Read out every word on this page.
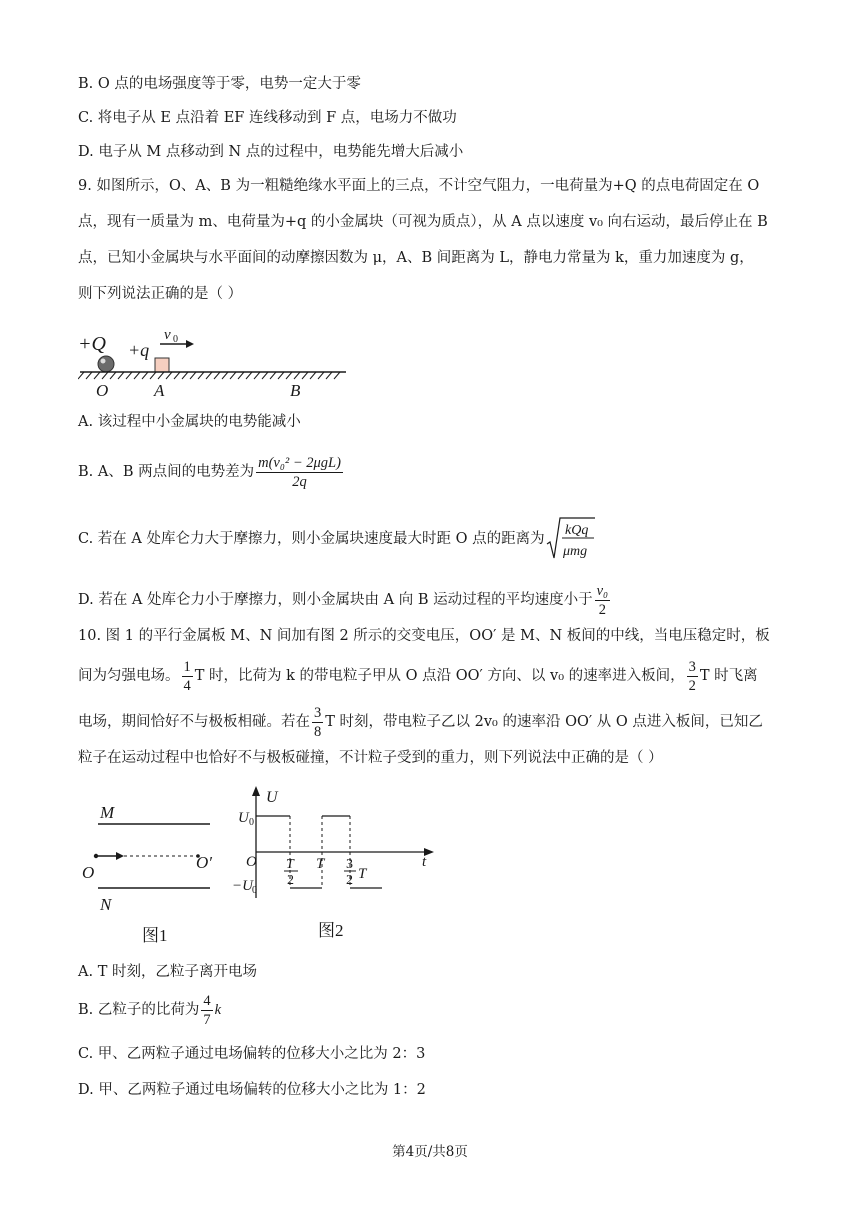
B. O 点的电场强度等于零，电势一定大于零
C. 将电子从 E 点沿着 EF 连线移动到 F 点，电场力不做功
D. 电子从 M 点移动到 N 点的过程中，电势能先增大后减小
9. 如图所示，O、A、B 为一粗糙绝缘水平面上的三点，不计空气阻力，一电荷量为+Q 的点电荷固定在 O
点，现有一质量为 m、电荷量为+q 的小金属块（可视为质点），从 A 点以速度 v₀ 向右运动，最后停止在 B
点，已知小金属块与水平面间的动摩擦因数为 μ，A、B 间距离为 L，静电力常量为 k，重力加速度为 g，
则下列说法正确的是（ ）
+Q +q
v 0
O	A	B
A. 该过程中小金属块的电势能减小
B. A、B 两点间的电势差为 $\frac{\text{m(v₀² − 2μgL)}}{2q}$
C. 若在 A 处库仑力大于摩擦力，则小金属块速度最大时距 O 点的距离为
kQq
μmg
D. 若在 A 处库仑力小于摩擦力，则小金属块由 A 向 B 运动过程的平均速度小于 $\frac{\text{v₀}}{2}$
10. 图 1 的平行金属板 M、N 间加有图 2 所示的交变电压，OO′ 是 M、N 板间的中线，当电压稳定时，板
间为匀强电场。 $\frac{1}{4}$ T 时，比荷为 k 的带电粒子甲从 O 点沿 OO′ 方向、以 v₀ 的速率进入板间， $\frac{3}{2}$ T 时飞离
电场，期间恰好不与极板相碰。若在 $\frac{3}{8}$ T 时刻，带电粒子乙以 2v₀ 的速率沿 OO′ 从 O 点进入板间，已知乙
粒子在运动过程中也恰好不与极板碰撞，不计粒子受到的重力，则下列说法中正确的是（ ）
M
O
O′
N
图1
U
t
U 0
−U 0
O T
2
T 3
2 T
图2
A. T 时刻，乙粒子离开电场
B. 乙粒子的比荷为 $\frac{4}{7}$ k
C. 甲、乙两粒子通过电场偏转的位移大小之比为 2：3
D. 甲、乙两粒子通过电场偏转的位移大小之比为 1：2
第4页/共8页
